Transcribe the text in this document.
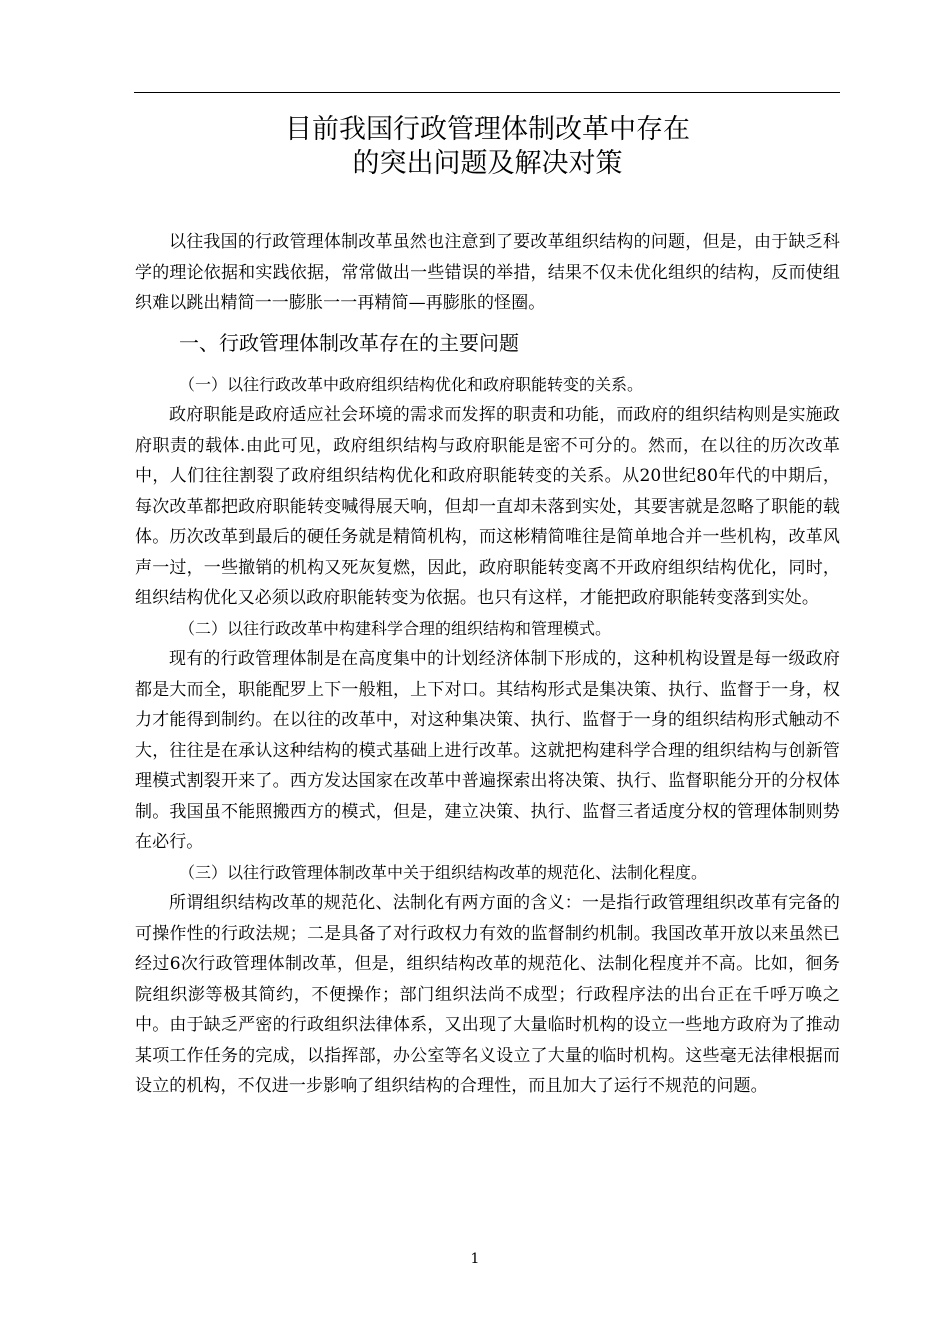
目前我国行政管理体制改革中存在

的突出问题及解决对策

以往我国的行政管理体制改革虽然也注意到了要改革组织结构的问题，但是，由于缺乏科学的理论依据和实践依据，常常做出一些错误的举措，结果不仅未优化组织的结构，反而使组织难以跳出精简一一膨胀一一再精简—再膨胀的怪圈。

一、行政管理体制改革存在的主要问题

（一）以往行政改革中政府组织结构优化和政府职能转变的关系。

政府职能是政府适应社会环境的需求而发挥的职责和功能，而政府的组织结构则是实施政府职责的载体.由此可见，政府组织结构与政府职能是密不可分的。然而，在以往的历次改革中，人们往往割裂了政府组织结构优化和政府职能转变的关系。从20世纪80年代的中期后，每次改革都把政府职能转变喊得展天响，但却一直却未落到实处，其要害就是忽略了职能的载体。历次改革到最后的硬任务就是精简机构，而这彬精简唯往是简单地合并一些机构，改革风声一过，一些撤销的机构又死灰复燃，因此，政府职能转变离不开政府组织结构优化，同时，组织结构优化又必须以政府职能转变为依据。也只有这样，才能把政府职能转变落到实处。

（二）以往行政改革中构建科学合理的组织结构和管理模式。

现有的行政管理体制是在高度集中的计划经济体制下形成的，这种机构设置是每一级政府都是大而全，职能配罗上下一般粗，上下对口。其结构形式是集决策、执行、监督于一身，权力才能得到制约。在以往的改革中，对这种集决策、执行、监督于一身的组织结构形式触动不大，往往是在承认这种结构的模式基础上进行改革。这就把构建科学合理的组织结构与创新管理模式割裂开来了。西方发达国家在改革中普遍探索出将决策、执行、监督职能分开的分权体制。我国虽不能照搬西方的模式，但是，建立决策、执行、监督三者适度分权的管理体制则势在必行。

（三）以往行政管理体制改革中关于组织结构改革的规范化、法制化程度。

所谓组织结构改革的规范化、法制化有两方面的含义：一是指行政管理组织改革有完备的可操作性的行政法规；二是具备了对行政权力有效的监督制约机制。我国改革开放以来虽然已经过6次行政管理体制改革，但是，组织结构改革的规范化、法制化程度并不高。比如，徊务院组织澎等极其简约，不便操作；部门组织法尚不成型；行政程序法的出台正在千呼万唤之中。由于缺乏严密的行政组织法律体系，又出现了大量临时机构的设立一些地方政府为了推动某项工作任务的完成，以指挥部，办公室等名义设立了大量的临时机构。这些毫无法律根据而设立的机构，不仅进一步影响了组织结构的合理性，而且加大了运行不规范的问题。

1
